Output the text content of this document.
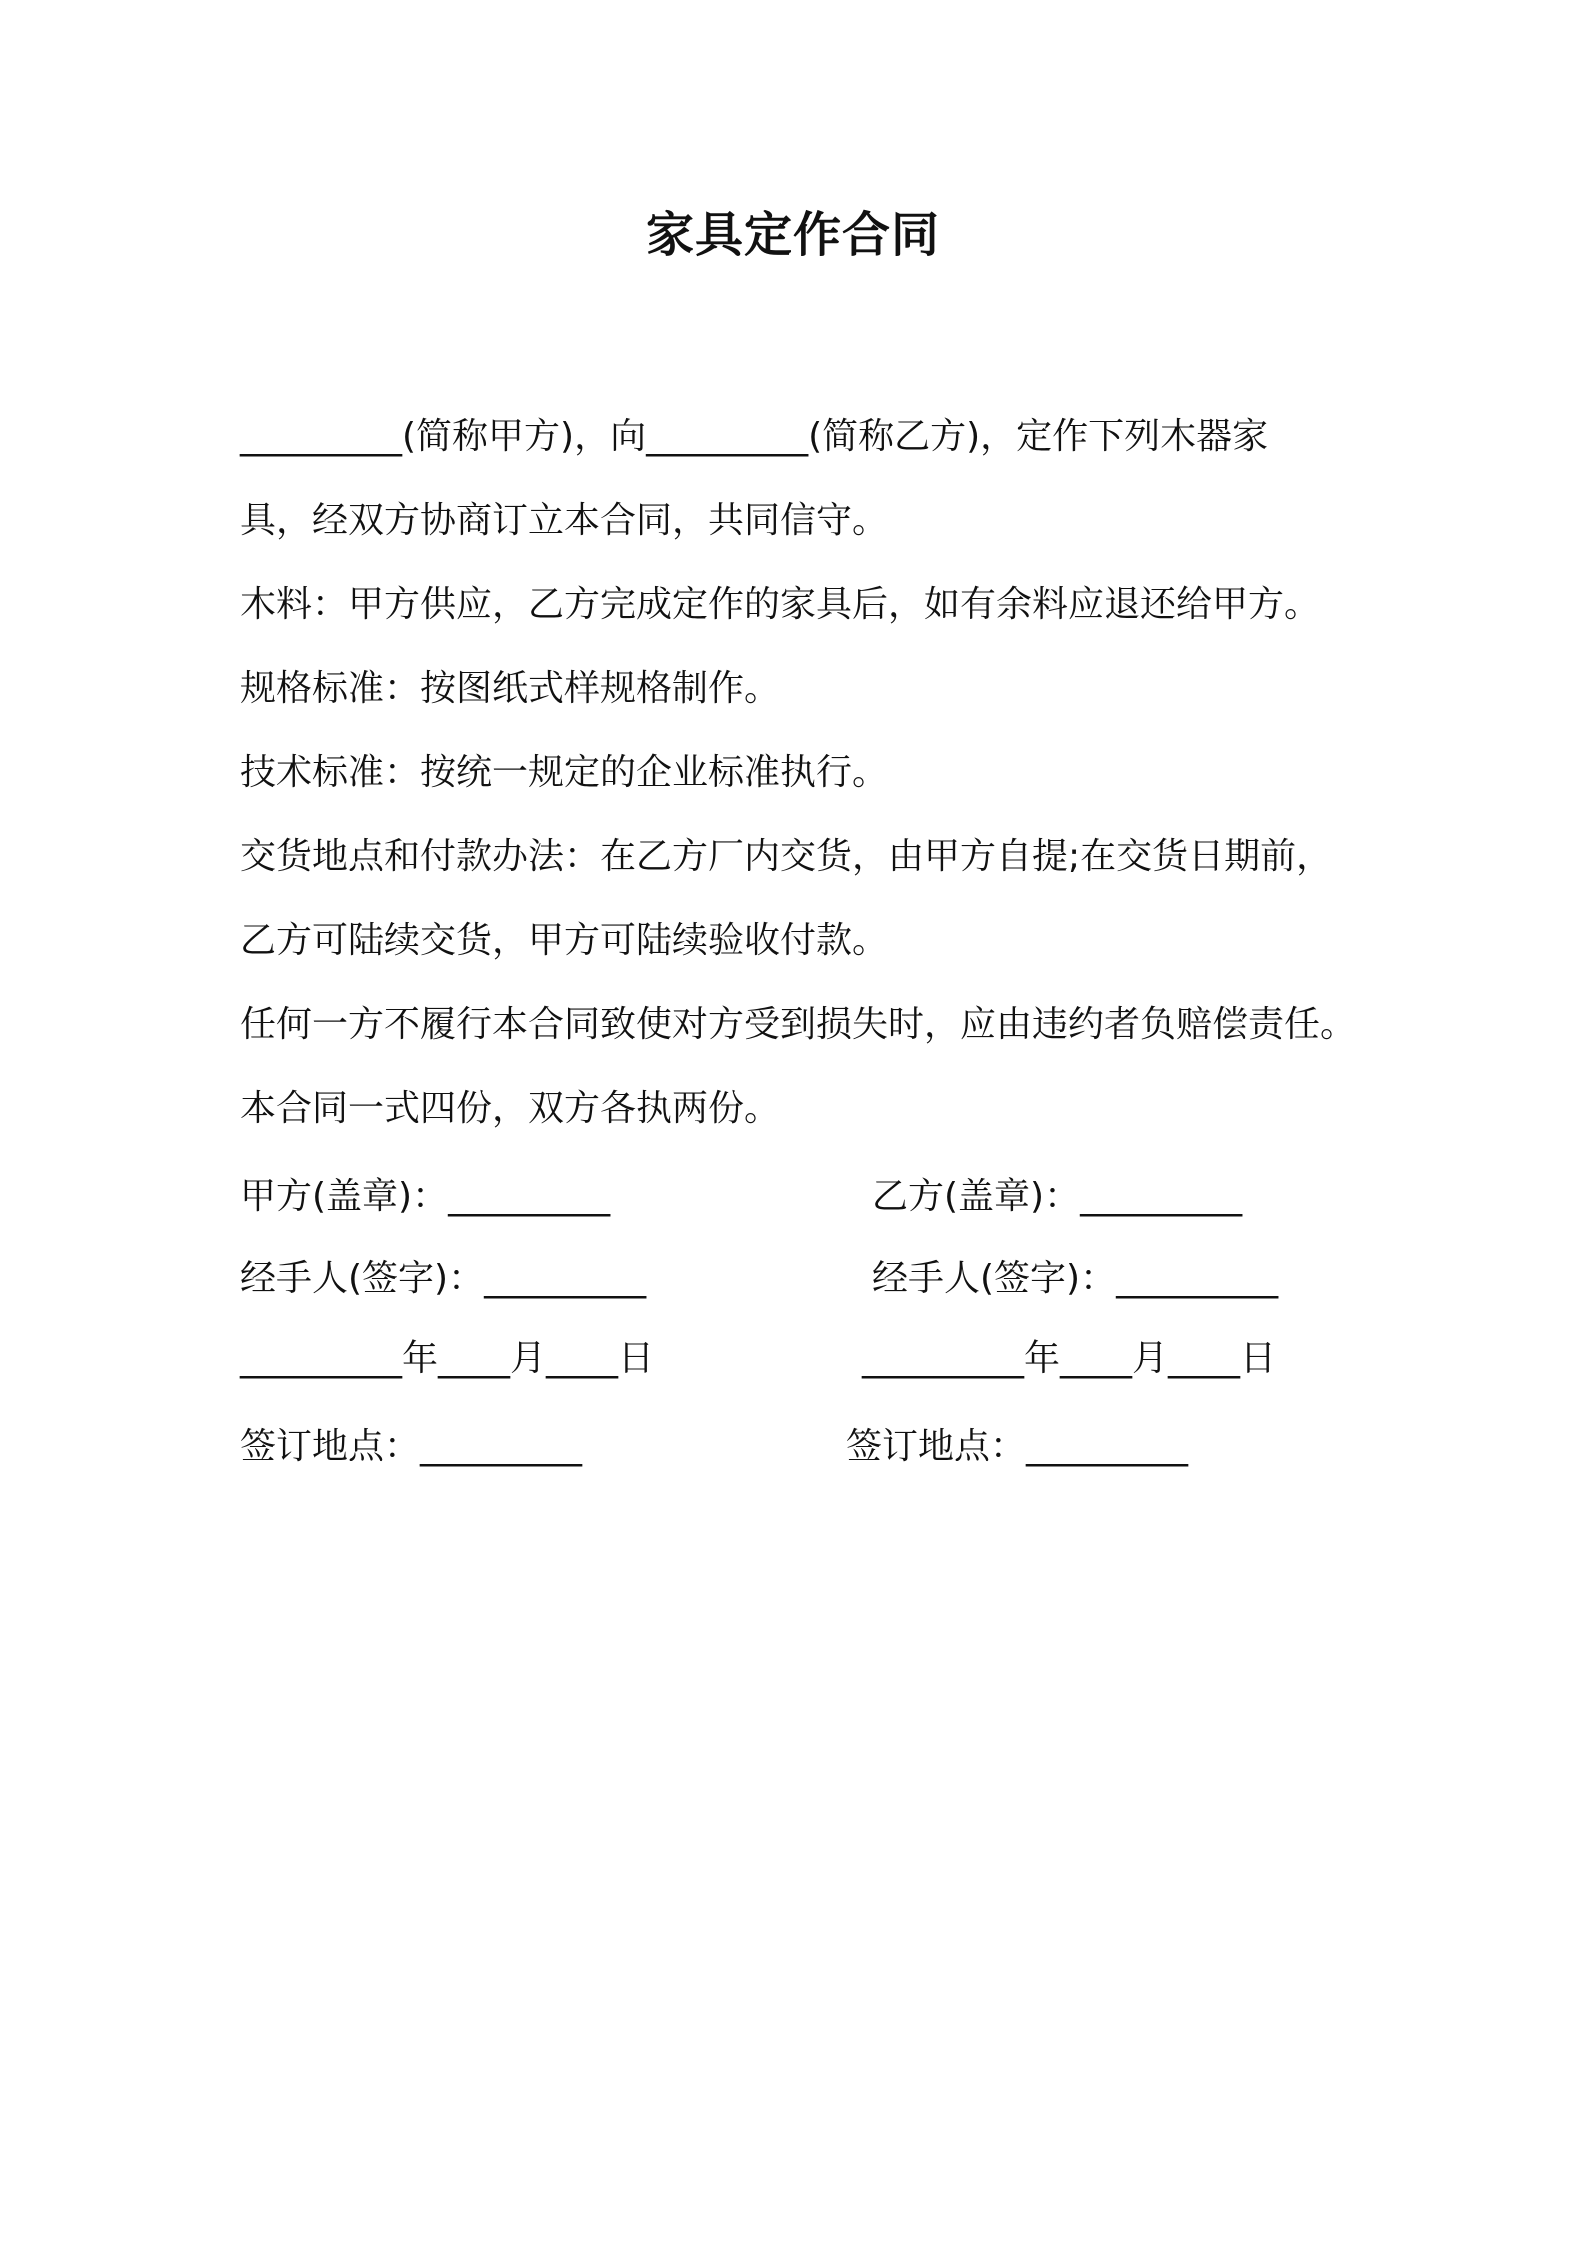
家具定作合同
_________(简称甲方)，向_________(简称乙方)，定作下列木器家
具，经双方协商订立本合同，共同信守。
木料：甲方供应，乙方完成定作的家具后，如有余料应退还给甲方。
规格标准：按图纸式样规格制作。
技术标准：按统一规定的企业标准执行。
交货地点和付款办法：在乙方厂内交货，由甲方自提;在交货日期前，
乙方可陆续交货，甲方可陆续验收付款。
任何一方不履行本合同致使对方受到损失时，应由违约者负赔偿责任。
本合同一式四份，双方各执两份。
甲方(盖章)：_________
经手人(签字)：_________
_________年____月____日
签订地点：_________
乙方(盖章)：_________
经手人(签字)：_________
_________年____月____日
签订地点：_________
